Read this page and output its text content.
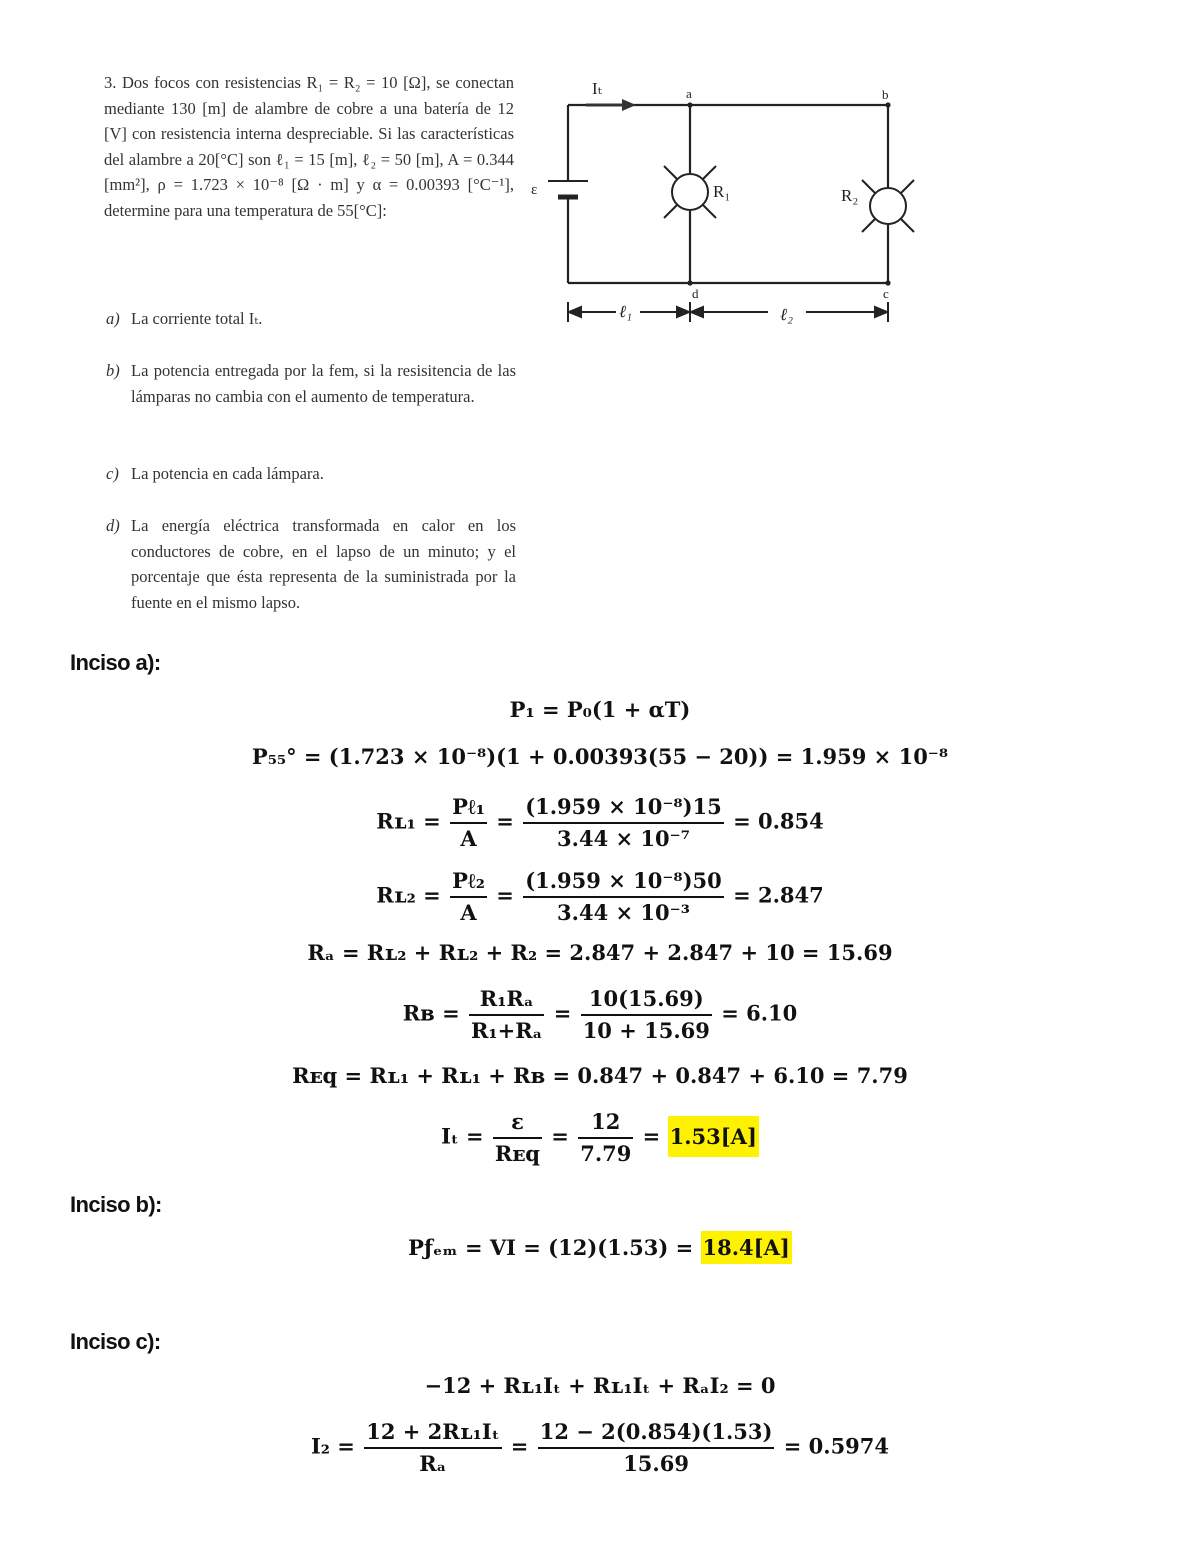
3. Dos focos con resistencias R₁ = R₂ = 10 [Ω], se conectan mediante 130 [m] de alambre de cobre a una batería de 12 [V] con resistencia interna despreciable. Si las características del alambre a 20[°C] son ℓ₁ = 15 [m], ℓ₂ = 50 [m], A = 0.344 [mm²], ρ = 1.723 × 10⁻⁸ [Ω · m] y α = 0.00393 [°C⁻¹], determine para una temperatura de 55[°C]:

a) La corriente total Iₜ.
b) La potencia entregada por la fem, si la resisitencia de las lámparas no cambia con el aumento de temperatura.
c) La potencia en cada lámpara.
d) La energía eléctrica transformada en calor en los conductores de cobre, en el lapso de un minuto; y el porcentaje que ésta representa de la suministrada por la fuente en el mismo lapso.
ε
Iₜ	a	b
c
d
R₁	R₂
ℓ₁	ℓ₂
Inciso a):
P₁ = P₀(1 + αT)
P₅₅° = (1.723 × 10⁻⁸)(1 + 0.00393(55 − 20)) = 1.959 × 10⁻⁸
Rʟ₁ = $\frac{\text{Pℓ₁}}{A} = \frac{\text{(1.959 × 10⁻⁸)15}}{\text{3.44 × 10⁻⁷}} = 0.854$
Rʟ₂ = $\frac{\text{Pℓ₂}}{A} = \frac{\text{(1.959 × 10⁻⁸)50}}{\text{3.44 × 10⁻³}} = 2.847$
Rₐ = Rʟ₂ + Rʟ₂ + R₂ = 2.847 + 2.847 + 10 = 15.69
Rʙ = $\frac{\text{R₁Rₐ}}{\text{R₁+Rₐ}} = \frac{10(15.69)}{10 + 15.69} = 6.10$
Rᴇq = Rʟ₁ + Rʟ₁ + Rʙ = 0.847 + 0.847 + 6.10 = 7.79
$I_t = \frac{\varepsilon}{\text{Rᴇq}} = \frac{12}{7.79} = 1.53[A]$
Inciso b):
Pƒₑₘ = VI = (12)(1.53) = 18.4[A]
Inciso c):
−12 + Rʟ₁Iₜ + Rʟ₁Iₜ + RₐI₂ = 0
$I_2 = \frac{\text{12 + 2Rʟ₁Iₜ}}{\text{Rₐ}} = \frac{12 - 2(0.854)(1.53)}{15.69} = 0.5974$
